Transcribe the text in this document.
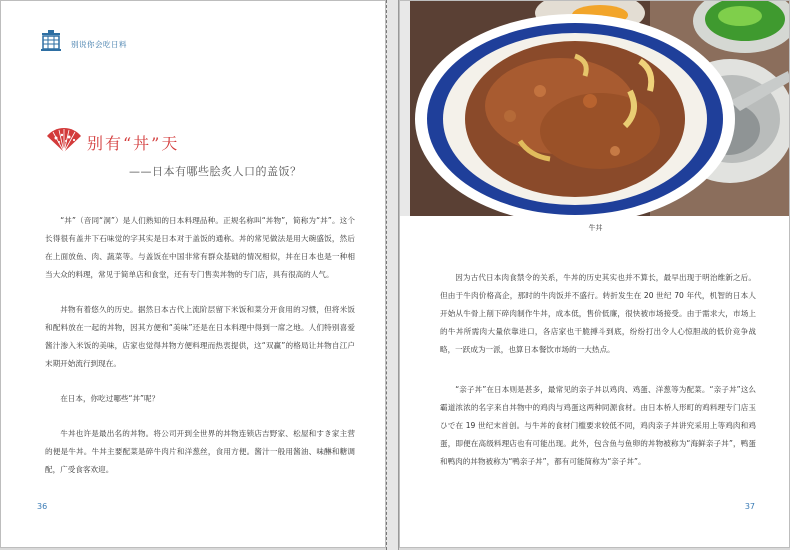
别说你会吃日料
别有“丼”天
——日本有哪些脍炙人口的盖饭？

“丼”（音同“洞”）是人们熟知的日本料理品种。正规名称叫“丼物”，简称为“丼”。这个长得很有盖井下石味觉的字其实是日本对于盖饭的通称。丼的常见做法是用大碗盛饭，然后在上面放鱼、肉、蔬菜等。与盖饭在中国非常有群众基础的情况相似，丼在日本也是一种相当大众的料理，常见于简单店和食堂，还有专门售卖丼物的专门店，具有很高的人气。

丼物有着悠久的历史。据然日本古代上流阶层留下米饭和菜分开食用的习惯，但将米饭和配料放在一起的丼物，因其方便和“美味”还是在日本料理中得到一席之地。人们特别喜爱酱汁渗入米饭的美味，店家也觉得丼物方便料理而热衷提供，这“双赢”的格局让丼物自江户末期开始流行到现在。

在日本，你吃过哪些“丼”呢？

牛丼也许是最出名的丼物。将公司开到全世界的丼物连锁店吉野家、松屋和すき家主营的便是牛丼。牛丼主要配菜是碎牛肉片和洋葱丝，食用方便。酱汁一般用酱油、味醂和糖调配，广受食客欢迎。

36
牛丼

因为古代日本肉食禁令的关系，牛丼的历史其实也并不算长，最早出现于明治维新之后。但由于牛肉价格高企，那时的牛肉饭并不盛行。转折发生在 20 世纪 70 年代，机智的日本人开始从牛骨上削下碎肉制作牛丼，成本低，售价低廉，很快被市场接受。由于需求大，市场上的牛丼所需肉大量依靠进口，各店家也干脆搏斗到底，纷纷打出令人心惊胆战的低价竞争战略，一跃成为一派，也算日本餐饮市场的一大热点。

“亲子丼”在日本则是甚多，最常见的亲子丼以鸡肉、鸡蛋、洋葱等为配菜。“亲子丼”这么霸道浓浓的名字来自丼物中的鸡肉与鸡蛋这两种同源食材。由日本桥人形町的鸡料理专门店玉ひで在 19 世纪末首创。与牛丼的食材门槛要求较低不同，鸡肉亲子丼讲究采用上等鸡肉和鸡蛋，即便在高级料理店也有可能出现。此外，包含鱼与鱼卵的丼物被称为“海鲜亲子丼”，鸭蛋和鸭肉的丼物被称为“鸭亲子丼”，都有可能简称为“亲子丼”。

37
